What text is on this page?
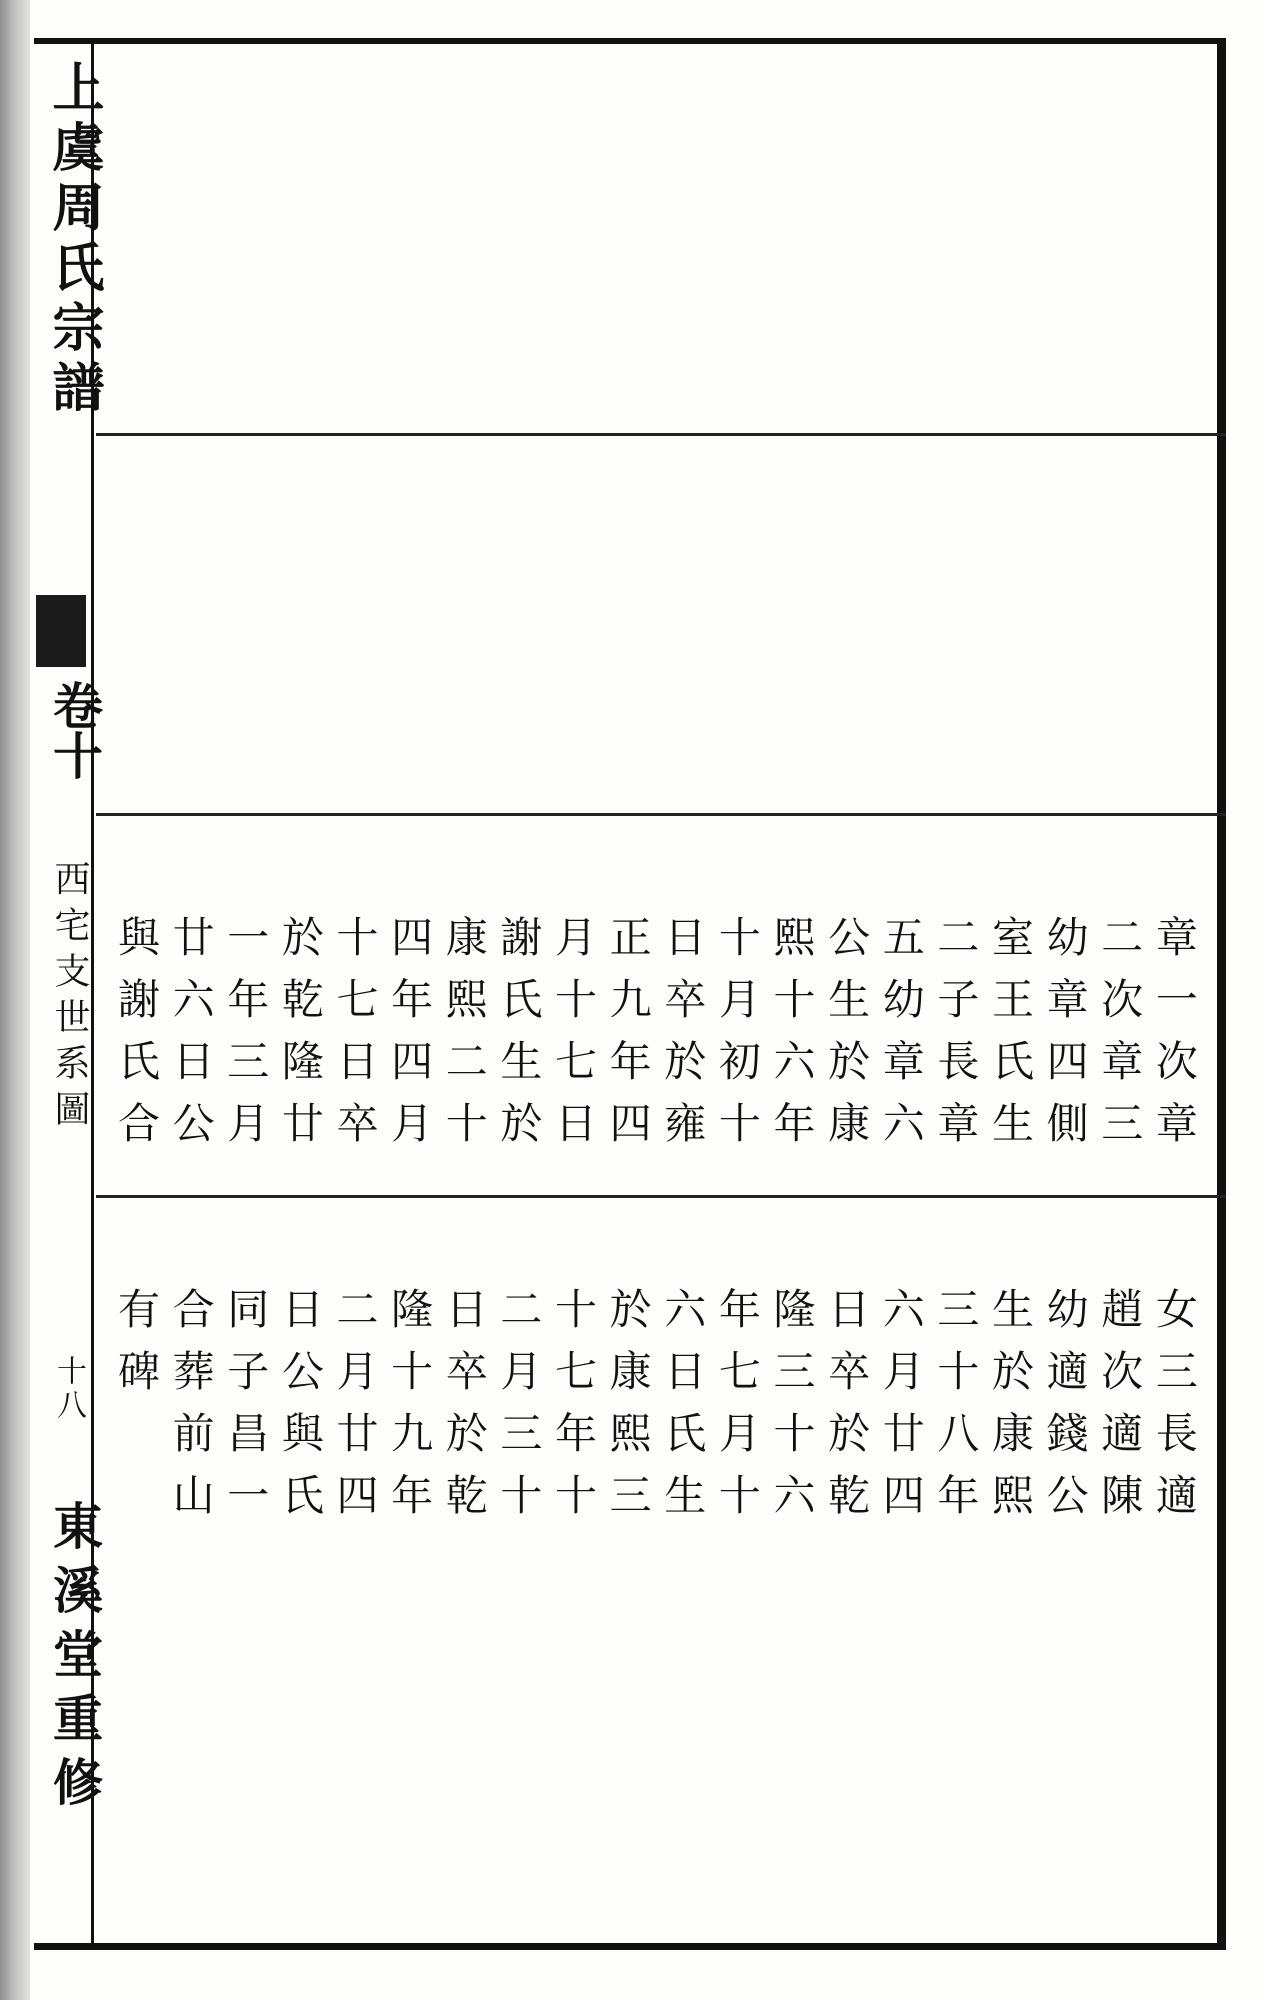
上虞周氏宗譜
卷十
西宅支世系圖
十八
東溪堂重修
章一次章
二次章三
幼章四側
室王氏生
二子長章
五幼章六
公生於康
熙十六年
十月初十
日卒於雍
正九年四
月十七日
謝氏生於
康熙二十
四年四月
十七日卒
於乾隆廿
一年三月
廿六日公
與謝氏合
女三長適
趙次適陳
幼適錢公
生於康熙
三十八年
六月廿四
日卒於乾
隆三十六
年七月十
六日氏生
於康熙三
十七年十
二月三十
日卒於乾
隆十九年
二月廿四
日公與氏
同子昌一
合葬前山
有碑
